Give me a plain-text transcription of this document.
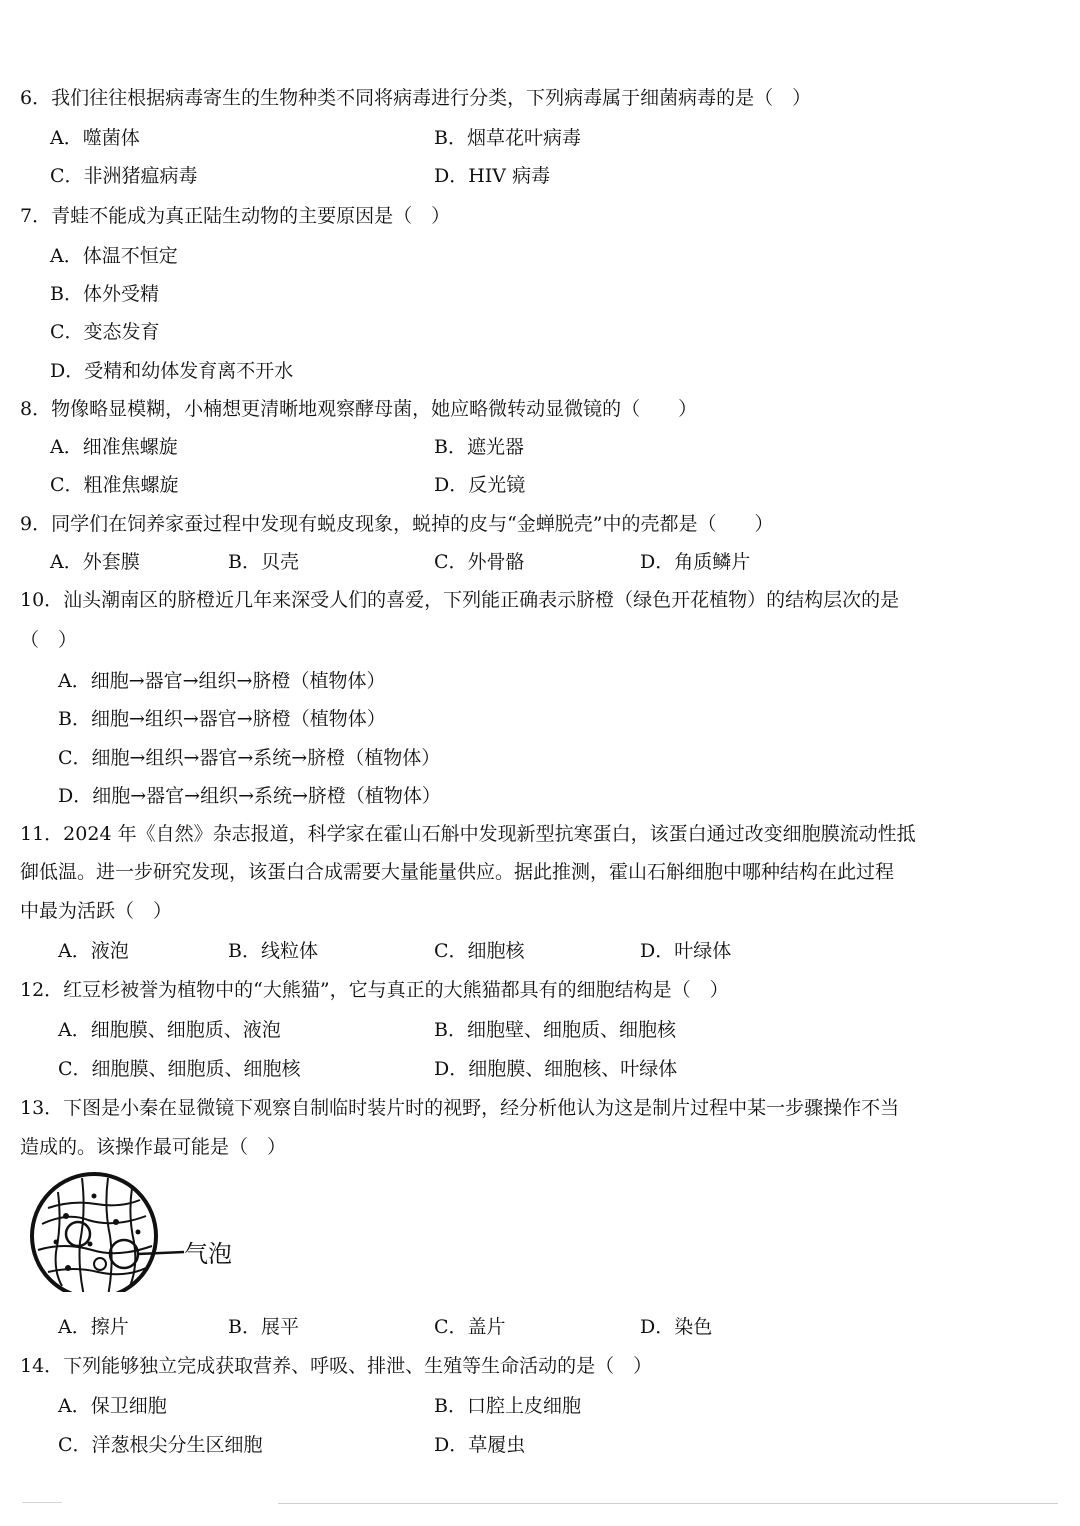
6．我们往往根据病毒寄生的生物种类不同将病毒进行分类，下列病毒属于细菌病毒的是（　）
A．噬菌体	B．烟草花叶病毒
C．非洲猪瘟病毒	D．HIV 病毒
7．青蛙不能成为真正陆生动物的主要原因是（　）
A．体温不恒定
B．体外受精
C．变态发育
D．受精和幼体发育离不开水
8．物像略显模糊，小楠想更清晰地观察酵母菌，她应略微转动显微镜的（　　）
A．细准焦螺旋	B．遮光器
C．粗准焦螺旋	D．反光镜
9．同学们在饲养家蚕过程中发现有蜕皮现象，蜕掉的皮与“金蝉脱壳”中的壳都是（　　）
A．外套膜	B．贝壳	C．外骨骼	D．角质鳞片
10．汕头潮南区的脐橙近几年来深受人们的喜爱，下列能正确表示脐橙（绿色开花植物）的结构层次的是
（　）
A．细胞→器官→组织→脐橙（植物体）
B．细胞→组织→器官→脐橙（植物体）
C．细胞→组织→器官→系统→脐橙（植物体）
D．细胞→器官→组织→系统→脐橙（植物体）
11．2024 年《自然》杂志报道，科学家在霍山石斛中发现新型抗寒蛋白，该蛋白通过改变细胞膜流动性抵
御低温。进一步研究发现，该蛋白合成需要大量能量供应。据此推测，霍山石斛细胞中哪种结构在此过程
中最为活跃（　）
A．液泡	B．线粒体	C．细胞核	D．叶绿体
12．红豆杉被誉为植物中的“大熊猫”，它与真正的大熊猫都具有的细胞结构是（　）
A．细胞膜、细胞质、液泡	B．细胞壁、细胞质、细胞核
C．细胞膜、细胞质、细胞核	D．细胞膜、细胞核、叶绿体
13．下图是小秦在显微镜下观察自制临时装片时的视野，经分析他认为这是制片过程中某一步骤操作不当
造成的。该操作最可能是（　）
气泡
A．擦片	B．展平	C．盖片	D．染色
14．下列能够独立完成获取营养、呼吸、排泄、生殖等生命活动的是（　）
A．保卫细胞	B．口腔上皮细胞
C．洋葱根尖分生区细胞	D．草履虫
